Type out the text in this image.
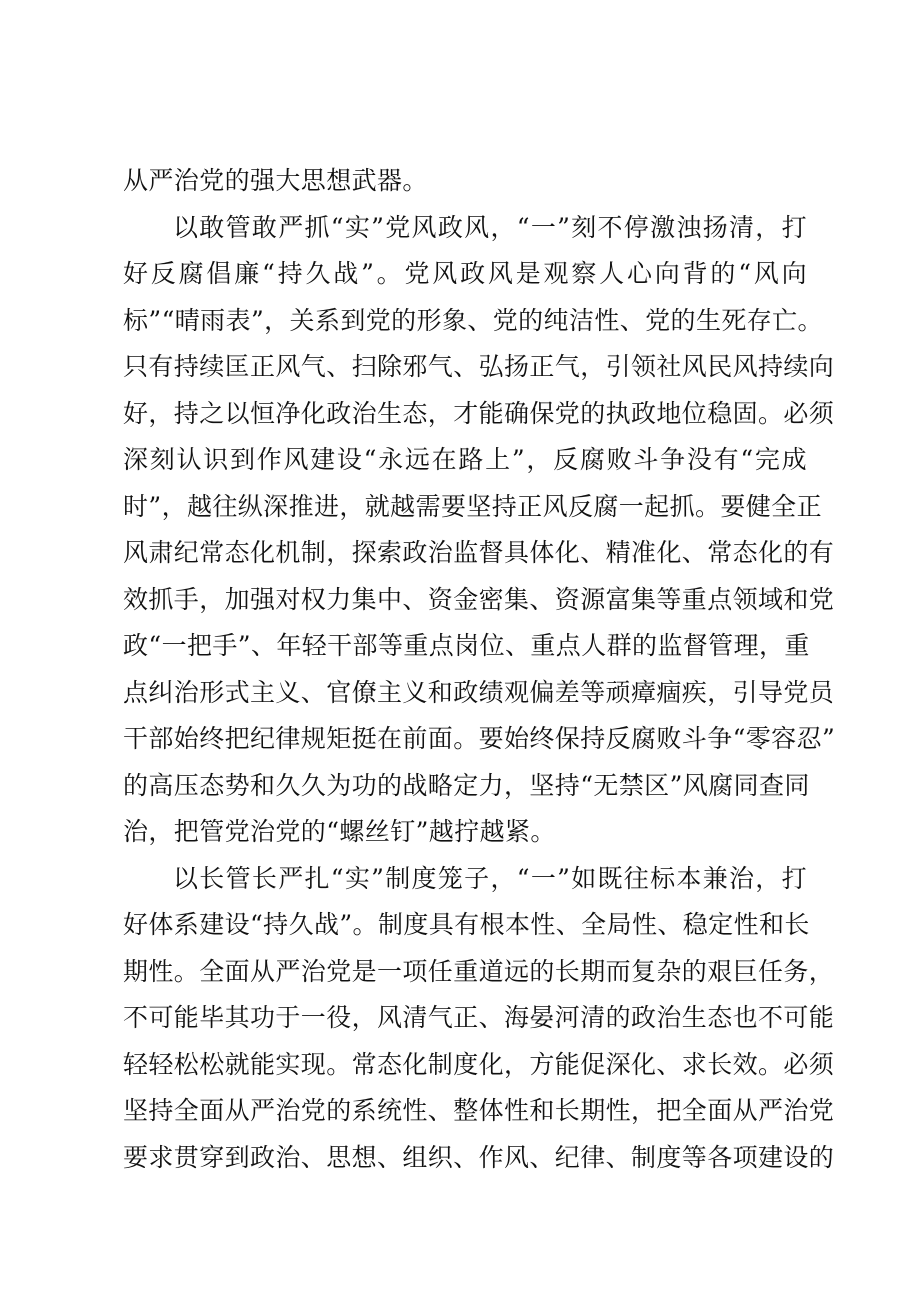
从严治党的强大思想武器。
以敢管敢严抓“实”党风政风，“一”刻不停激浊扬清，打
好反腐倡廉“持久战”。党风政风是观察人心向背的“风向
标”“晴雨表”，关系到党的形象、党的纯洁性、党的生死存亡。
只有持续匡正风气、扫除邪气、弘扬正气，引领社风民风持续向
好，持之以恒净化政治生态，才能确保党的执政地位稳固。必须
深刻认识到作风建设“永远在路上”，反腐败斗争没有“完成
时”，越往纵深推进，就越需要坚持正风反腐一起抓。要健全正
风肃纪常态化机制，探索政治监督具体化、精准化、常态化的有
效抓手，加强对权力集中、资金密集、资源富集等重点领域和党
政“一把手”、年轻干部等重点岗位、重点人群的监督管理，重
点纠治形式主义、官僚主义和政绩观偏差等顽瘴痼疾，引导党员
干部始终把纪律规矩挺在前面。要始终保持反腐败斗争“零容忍”
的高压态势和久久为功的战略定力，坚持“无禁区”风腐同查同
治，把管党治党的“螺丝钉”越拧越紧。
以长管长严扎“实”制度笼子，“一”如既往标本兼治，打
好体系建设“持久战”。制度具有根本性、全局性、稳定性和长
期性。全面从严治党是一项任重道远的长期而复杂的艰巨任务，
不可能毕其功于一役，风清气正、海晏河清的政治生态也不可能
轻轻松松就能实现。常态化制度化，方能促深化、求长效。必须
坚持全面从严治党的系统性、整体性和长期性，把全面从严治党
要求贯穿到政治、思想、组织、作风、纪律、制度等各项建设的
